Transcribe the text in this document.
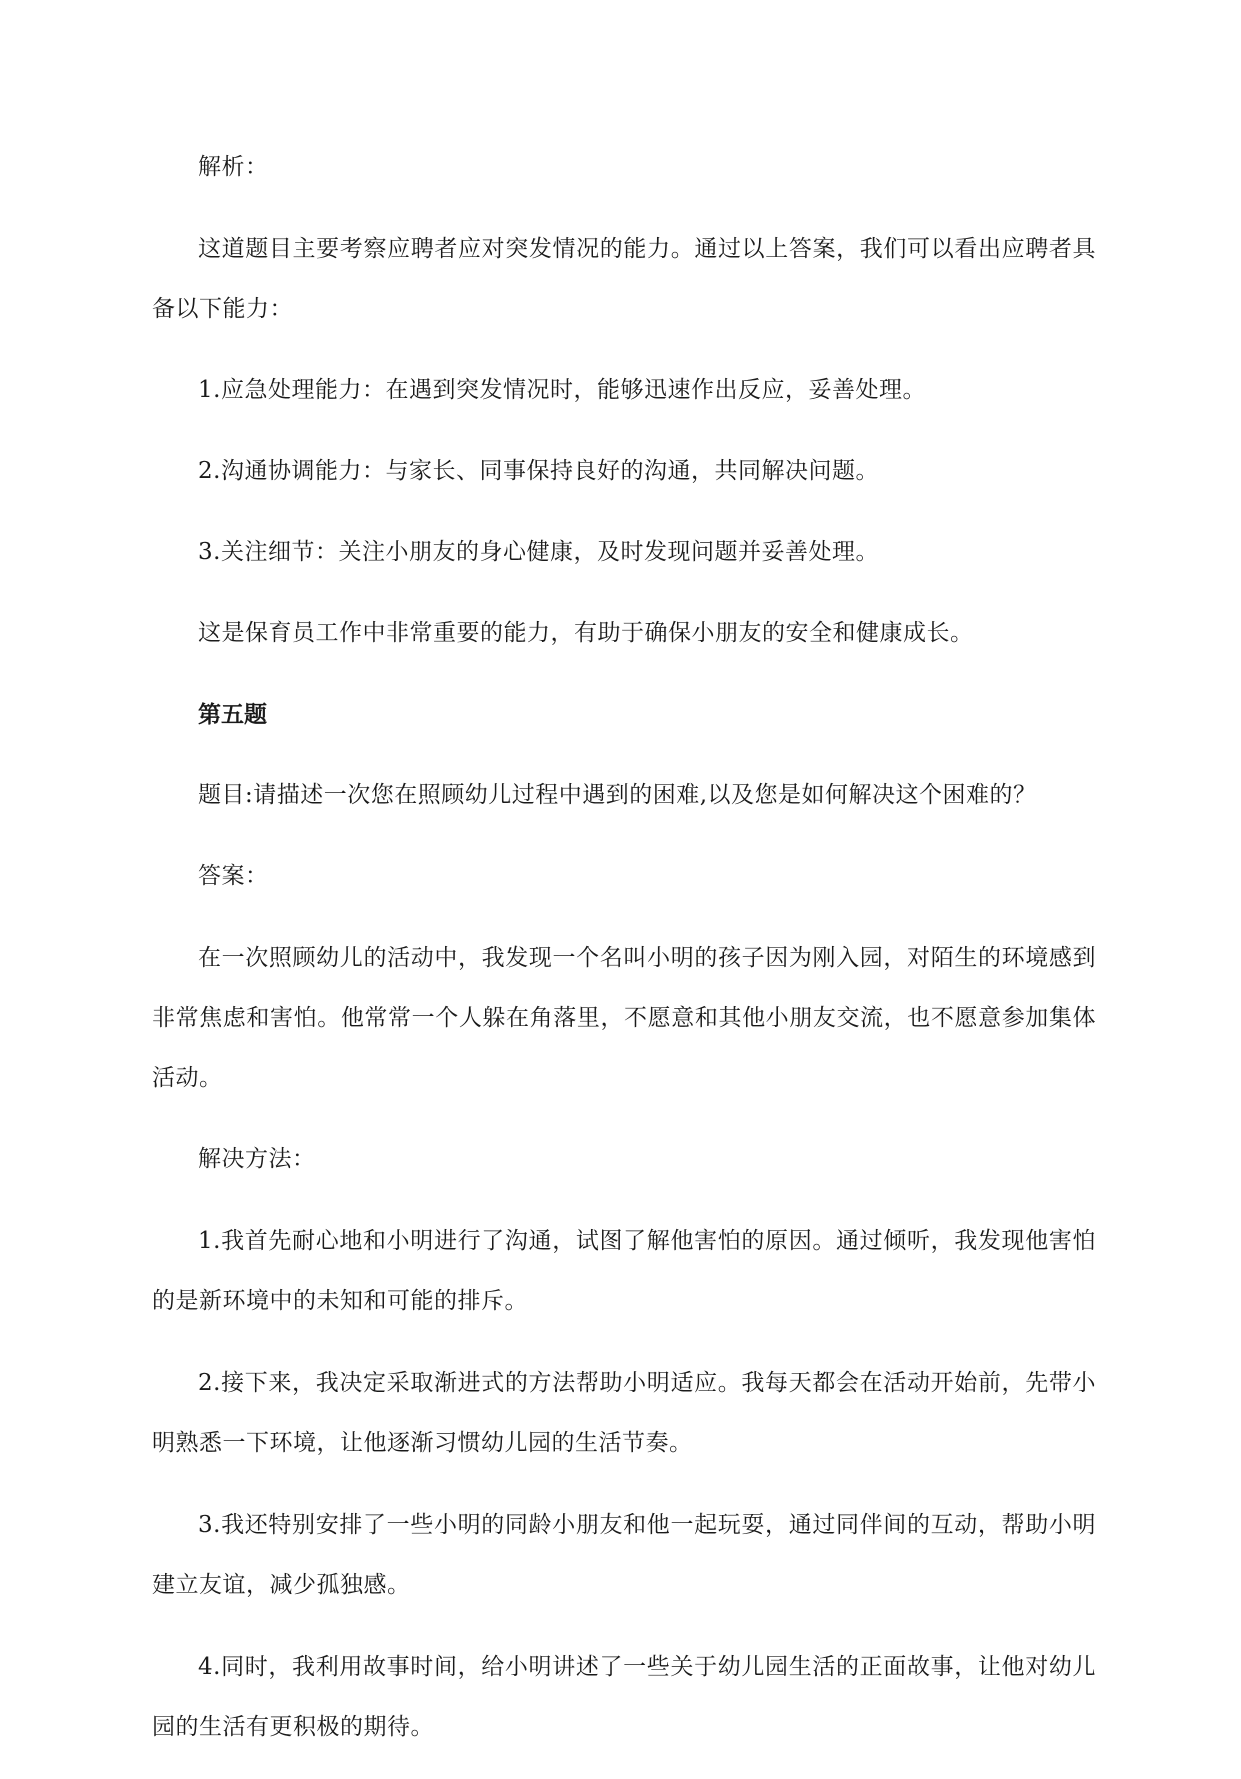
解析：

这道题目主要考察应聘者应对突发情况的能力。通过以上答案，我们可以看出应聘者具备以下能力：

1.应急处理能力：在遇到突发情况时，能够迅速作出反应，妥善处理。

2.沟通协调能力：与家长、同事保持良好的沟通，共同解决问题。

3.关注细节：关注小朋友的身心健康，及时发现问题并妥善处理。

这是保育员工作中非常重要的能力，有助于确保小朋友的安全和健康成长。

第五题

题目:请描述一次您在照顾幼儿过程中遇到的困难,以及您是如何解决这个困难的？

答案：

在一次照顾幼儿的活动中，我发现一个名叫小明的孩子因为刚入园，对陌生的环境感到非常焦虑和害怕。他常常一个人躲在角落里，不愿意和其他小朋友交流，也不愿意参加集体活动。

解决方法：

1.我首先耐心地和小明进行了沟通，试图了解他害怕的原因。通过倾听，我发现他害怕的是新环境中的未知和可能的排斥。

2.接下来，我决定采取渐进式的方法帮助小明适应。我每天都会在活动开始前，先带小明熟悉一下环境，让他逐渐习惯幼儿园的生活节奏。

3.我还特别安排了一些小明的同龄小朋友和他一起玩耍，通过同伴间的互动，帮助小明建立友谊，减少孤独感。

4.同时，我利用故事时间，给小明讲述了一些关于幼儿园生活的正面故事，让他对幼儿园的生活有更积极的期待。
